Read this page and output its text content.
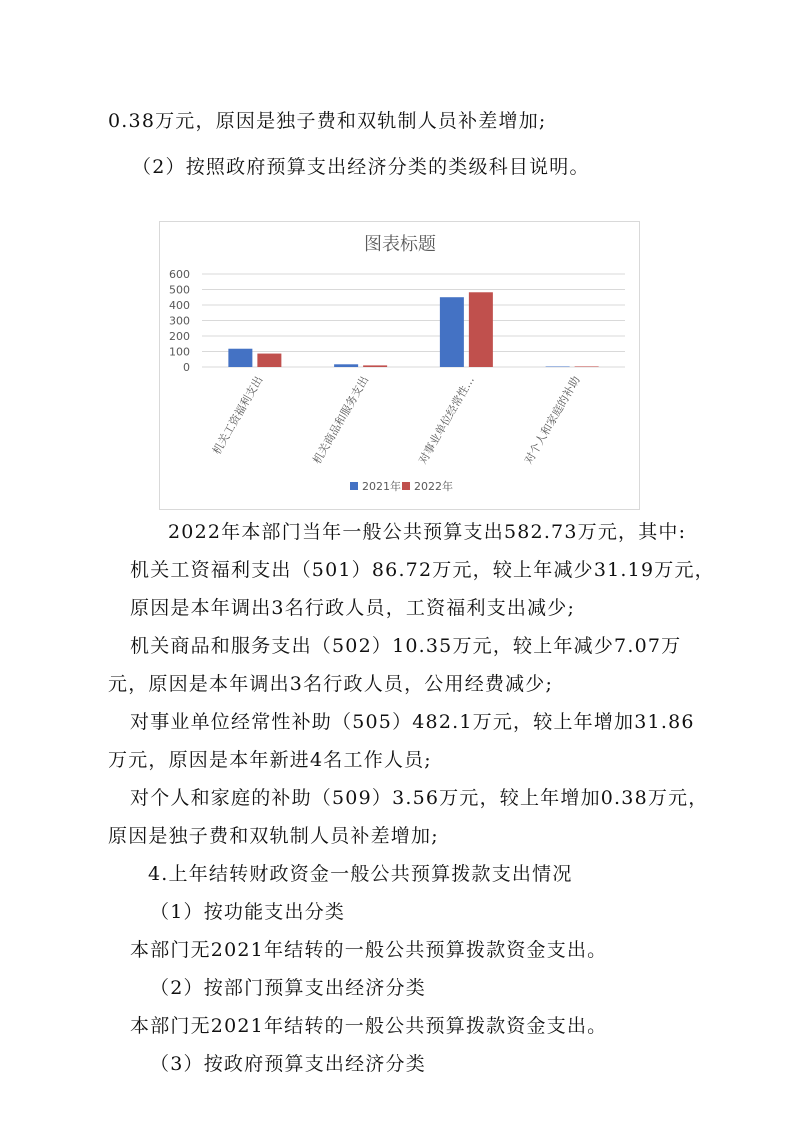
0.38万元，原因是独子费和双轨制人员补差增加;
（2）按照政府预算支出经济分类的类级科目说明。
图表标题
0
100
200
300
400
500
600
机关工资福利支出	机关商品和服务支出	对事业单位经常性…	对个人和家庭的补助
2021年 2022年
2022年本部门当年一般公共预算支出582.73万元，其中:
机关工资福利支出（501）86.72万元，较上年减少31.19万元，
原因是本年调出3名行政人员，工资福利支出减少;
机关商品和服务支出（502）10.35万元，较上年减少7.07万
元，原因是本年调出3名行政人员，公用经费减少;
对事业单位经常性补助（505）482.1万元，较上年增加31.86
万元，原因是本年新进4名工作人员;
对个人和家庭的补助（509）3.56万元，较上年增加0.38万元，
原因是独子费和双轨制人员补差增加;
4.上年结转财政资金一般公共预算拨款支出情况
（1）按功能支出分类
本部门无2021年结转的一般公共预算拨款资金支出。
（2）按部门预算支出经济分类
本部门无2021年结转的一般公共预算拨款资金支出。
（3）按政府预算支出经济分类
